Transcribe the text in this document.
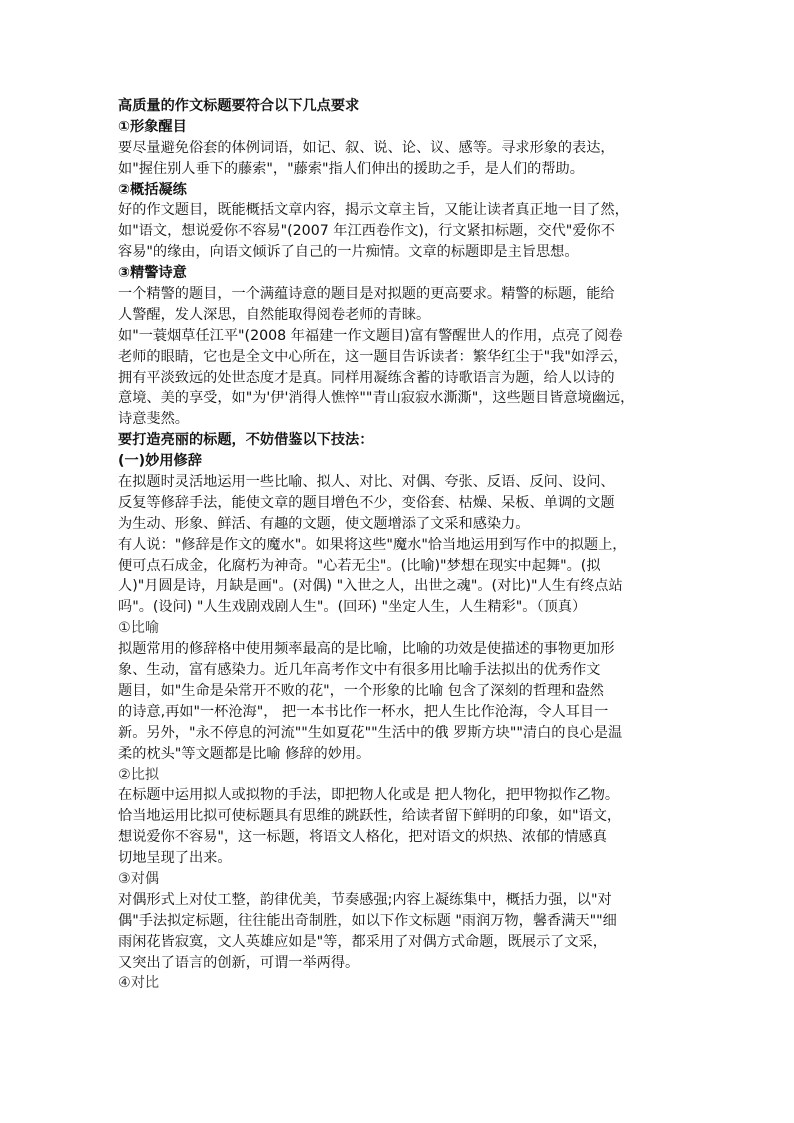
高质量的作文标题要符合以下几点要求
①形象醒目
要尽量避免俗套的体例词语，如记、叙、说、论、议、感等。寻求形象的表达，
如"握住别人垂下的藤索"，"藤索"指人们伸出的援助之手，是人们的帮助。
②概括凝练
好的作文题目，既能概括文章内容，揭示文章主旨，又能让读者真正地一目了然，
如"语文，想说爱你不容易"(2007 年江西卷作文)，行文紧扣标题，交代"爱你不
容易"的缘由，向语文倾诉了自己的一片痴情。文章的标题即是主旨思想。
③精警诗意
一个精警的题目，一个满蕴诗意的题目是对拟题的更高要求。精警的标题，能给
人警醒，发人深思，自然能取得阅卷老师的青睐。
如"一蓑烟草任江平"(2008 年福建一作文题目)富有警醒世人的作用，点亮了阅卷
老师的眼睛，它也是全文中心所在，这一题目告诉读者：繁华红尘于"我"如浮云，
拥有平淡致远的处世态度才是真。同样用凝练含蓄的诗歌语言为题，给人以诗的
意境、美的享受，如"为'伊'消得人憔悴""青山寂寂水澌澌"，这些题目皆意境幽远，
诗意斐然。
要打造亮丽的标题，不妨借鉴以下技法：
(一)妙用修辞
在拟题时灵活地运用一些比喻、拟人、对比、对偶、夸张、反语、反问、设问、
反复等修辞手法，能使文章的题目增色不少，变俗套、枯燥、呆板、单调的文题
为生动、形象、鲜活、有趣的文题，使文题增添了文采和感染力。
有人说："修辞是作文的魔水"。如果将这些"魔水"恰当地运用到写作中的拟题上，
便可点石成金，化腐朽为神奇。"心若无尘"。(比喻)"梦想在现实中起舞"。(拟
人)"月圆是诗，月缺是画"。(对偶) "入世之人，出世之魂"。(对比)"人生有终点站
吗"。(设问) "人生戏剧戏剧人生"。(回环) "坐定人生，人生精彩"。（顶真）
①比喻
拟题常用的修辞格中使用频率最高的是比喻，比喻的功效是使描述的事物更加形
象、生动，富有感染力。近几年高考作文中有很多用比喻手法拟出的优秀作文
题目，如"生命是朵常开不败的花"，一个形象的比喻 包含了深刻的哲理和盎然
的诗意,再如"一杯沧海"， 把一本书比作一杯水，把人生比作沧海，令人耳目一
新。另外，"永不停息的河流""生如夏花""生活中的俄 罗斯方块""清白的良心是温
柔的枕头"等文题都是比喻 修辞的妙用。
②比拟
在标题中运用拟人或拟物的手法，即把物人化或是 把人物化，把甲物拟作乙物。
恰当地运用比拟可使标题具有思维的跳跃性，给读者留下鲜明的印象，如"语文，
想说爱你不容易"，这一标题，将语文人格化，把对语文的炽热、浓郁的情感真
切地呈现了出来。
③对偶
对偶形式上对仗工整，韵律优美，节奏感强;内容上凝练集中，概括力强，以"对
偶"手法拟定标题，往往能出奇制胜，如以下作文标题 "雨润万物，馨香满天""细
雨闲花皆寂寞，文人英雄应如是"等，都采用了对偶方式命题，既展示了文采，
又突出了语言的创新，可谓一举两得。
④对比
